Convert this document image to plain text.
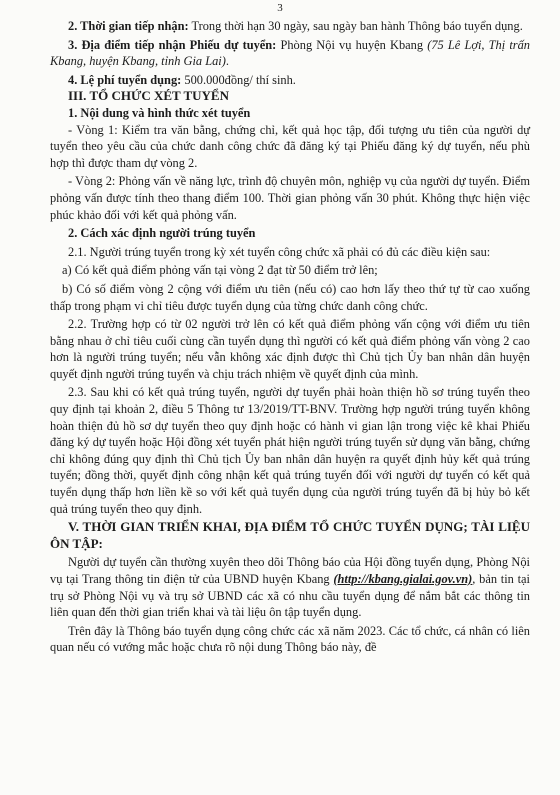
3

2. Thời gian tiếp nhận: Trong thời hạn 30 ngày, sau ngày ban hành Thông báo tuyển dụng.

3. Địa điểm tiếp nhận Phiếu dự tuyển: Phòng Nội vụ huyện Kbang (75 Lê Lợi, Thị trấn Kbang, huyện Kbang, tỉnh Gia Lai).

4. Lệ phí tuyển dụng: 500.000đồng/ thí sinh.

III. TỔ CHỨC XÉT TUYỂN

1. Nội dung và hình thức xét tuyển

- Vòng 1: Kiểm tra văn bằng, chứng chỉ, kết quả học tập, đối tượng ưu tiên của người dự tuyển theo yêu cầu của chức danh công chức đã đăng ký tại Phiếu đăng ký dự tuyển, nếu phù hợp thì được tham dự vòng 2.

- Vòng 2: Phỏng vấn về năng lực, trình độ chuyên môn, nghiệp vụ của người dự tuyển. Điểm phỏng vấn được tính theo thang điểm 100. Thời gian phỏng vấn 30 phút. Không thực hiện việc phúc khảo đối với kết quả phỏng vấn.

2. Cách xác định người trúng tuyển

2.1. Người trúng tuyển trong kỳ xét tuyển công chức xã phải có đủ các điều kiện sau:

a) Có kết quả điểm phỏng vấn tại vòng 2 đạt từ 50 điểm trở lên;

b) Có số điểm vòng 2 cộng với điểm ưu tiên (nếu có) cao hơn lấy theo thứ tự từ cao xuống thấp trong phạm vi chỉ tiêu được tuyển dụng của từng chức danh công chức.

2.2. Trường hợp có từ 02 người trở lên có kết quả điểm phỏng vấn cộng với điểm ưu tiên bằng nhau ở chỉ tiêu cuối cùng cần tuyển dụng thì người có kết quả điểm phỏng vấn vòng 2 cao hơn là người trúng tuyển; nếu vẫn không xác định được thì Chủ tịch Ủy ban nhân dân huyện quyết định người trúng tuyển và chịu trách nhiệm về quyết định của mình.

2.3. Sau khi có kết quả trúng tuyển, người dự tuyển phải hoàn thiện hồ sơ trúng tuyển theo quy định tại khoản 2, điều 5 Thông tư 13/2019/TT-BNV. Trường hợp người trúng tuyển không hoàn thiện đủ hồ sơ dự tuyển theo quy định hoặc có hành vi gian lận trong việc kê khai Phiếu đăng ký dự tuyển hoặc Hội đồng xét tuyển phát hiện người trúng tuyển sử dụng văn bằng, chứng chỉ không đúng quy định thì Chủ tịch Ủy ban nhân dân huyện ra quyết định hủy kết quả trúng tuyển; đồng thời, quyết định công nhận kết quả trúng tuyển đối với người dự tuyển có kết quả tuyển dụng thấp hơn liền kề so với kết quả tuyển dụng của người trúng tuyển đã bị hủy bỏ kết quả trúng tuyển theo quy định.

V. THỜI GIAN TRIỂN KHAI, ĐỊA ĐIỂM TỔ CHỨC TUYỂN DỤNG; TÀI LIỆU ÔN TẬP:

Người dự tuyển cần thường xuyên theo dõi Thông báo của Hội đồng tuyển dụng, Phòng Nội vụ tại Trang thông tin điện tử của UBND huyện Kbang (http://kbang.gialai.gov.vn), bản tin tại trụ sở Phòng Nội vụ và trụ sở UBND các xã có nhu cầu tuyển dụng để nắm bắt các thông tin liên quan đến thời gian triển khai và tài liệu ôn tập tuyển dụng.

Trên đây là Thông báo tuyển dụng công chức các xã năm 2023. Các tổ chức, cá nhân có liên quan nếu có vướng mắc hoặc chưa rõ nội dung Thông báo này, đề
